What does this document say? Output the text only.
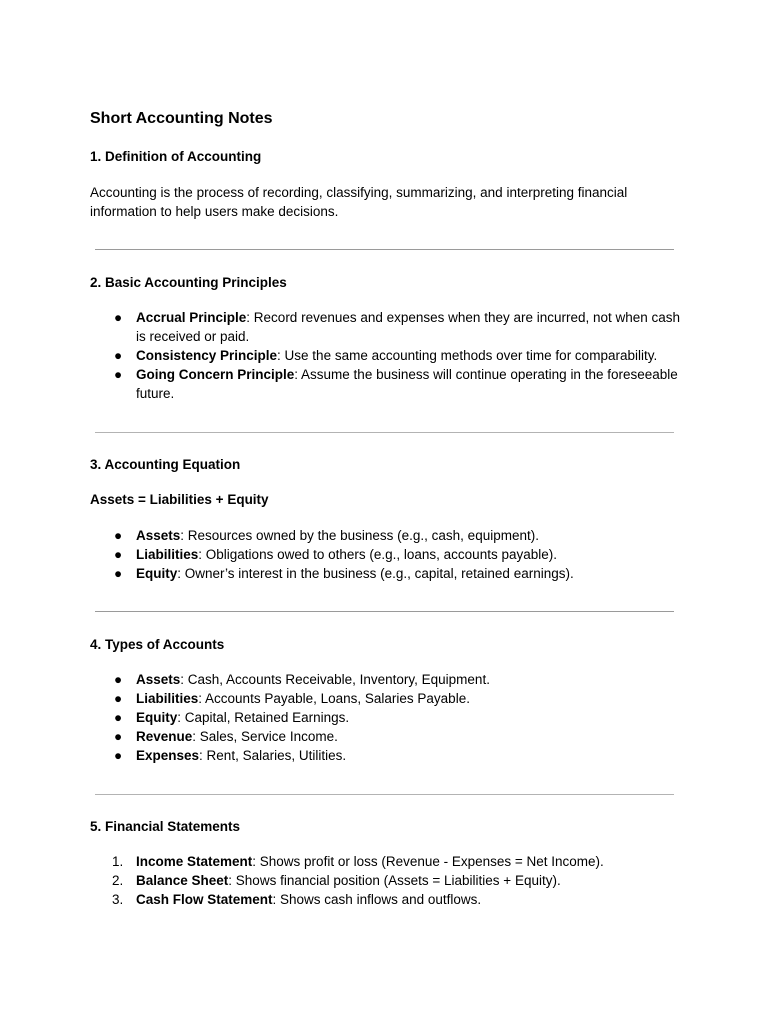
Short Accounting Notes
1. Definition of Accounting

Accounting is the process of recording, classifying, summarizing, and interpreting financial information to help users make decisions.

2. Basic Accounting Principles
● Accrual Principle: Record revenues and expenses when they are incurred, not when cash is received or paid.
● Consistency Principle: Use the same accounting methods over time for comparability.
● Going Concern Principle: Assume the business will continue operating in the foreseeable future.
3. Accounting Equation
Assets = Liabilities + Equity
● Assets: Resources owned by the business (e.g., cash, equipment).
● Liabilities: Obligations owed to others (e.g., loans, accounts payable).
● Equity: Owner’s interest in the business (e.g., capital, retained earnings).
4. Types of Accounts
● Assets: Cash, Accounts Receivable, Inventory, Equipment.
● Liabilities: Accounts Payable, Loans, Salaries Payable.
● Equity: Capital, Retained Earnings.
● Revenue: Sales, Service Income.
● Expenses: Rent, Salaries, Utilities.
5. Financial Statements
1. Income Statement: Shows profit or loss (Revenue - Expenses = Net Income).
2. Balance Sheet: Shows financial position (Assets = Liabilities + Equity).
3. Cash Flow Statement: Shows cash inflows and outflows.
